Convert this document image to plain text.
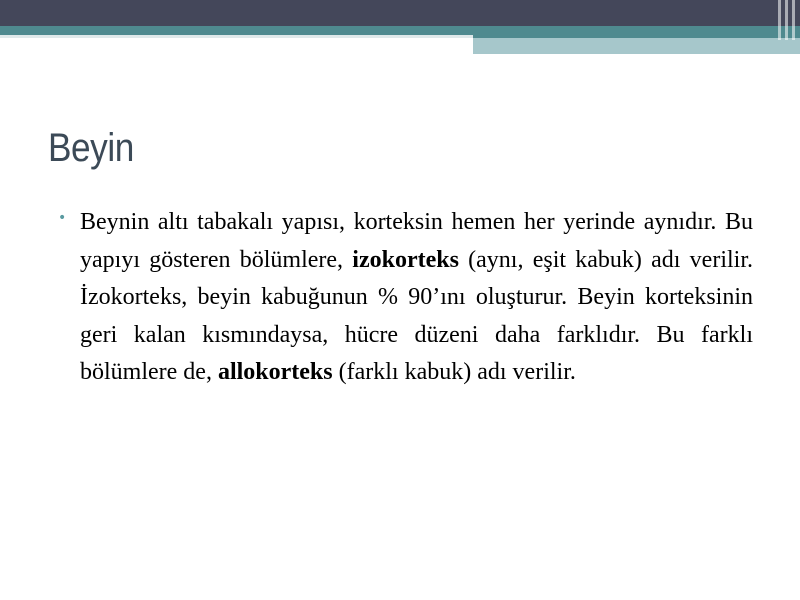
Beyin
• Beynin altı tabakalı yapısı, korteksin hemen her yerinde aynıdır. Bu yapıyı gösteren bölümlere, izokorteks (aynı, eşit kabuk) adı verilir. İzokorteks, beyin kabuğunun % 90’ını oluşturur. Beyin korteksinin geri kalan kısmındaysa, hücre düzeni daha farklıdır. Bu farklı bölümlere de, allokorteks (farklı kabuk) adı verilir.
